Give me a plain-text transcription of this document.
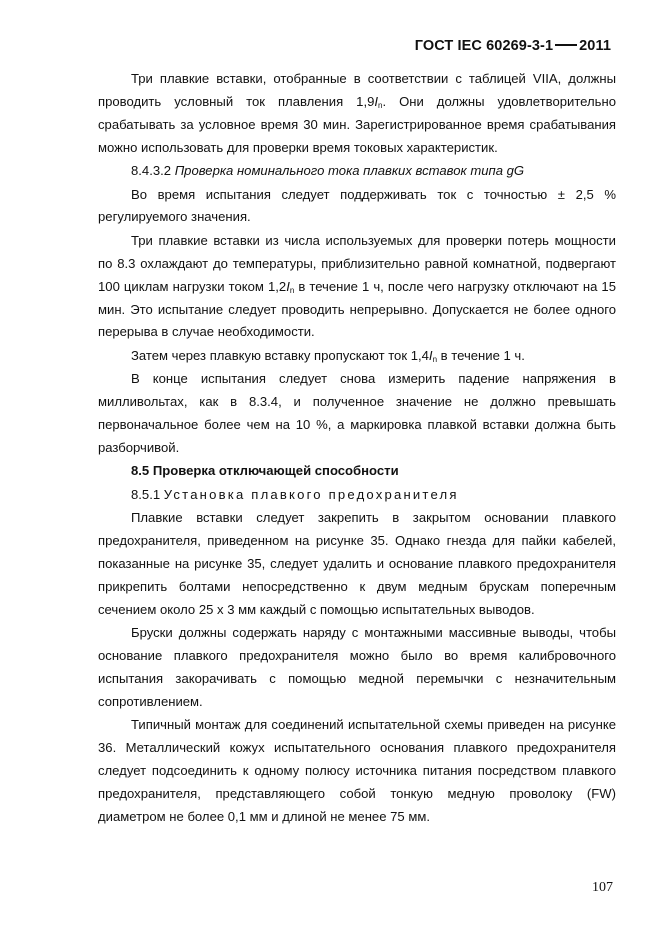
ГОСТ IEC 60269-3-1 2011

Три плавкие вставки, отобранные в соответствии с таблицей VIIA, должны проводить условный ток плавления $1,9I_n$. Они должны удовлетворительно срабатывать за условное время 30 мин. Зарегистрированное время срабатывания можно использовать для проверки время токовых характеристик.

8.4.3.2 Проверка номинального тока плавких вставок типа gG

Во время испытания следует поддерживать ток с точностью ± 2,5 % регулируемого значения.

Три плавкие вставки из числа используемых для проверки потерь мощности по 8.3 охлаждают до температуры, приблизительно равной комнатной, подвергают 100 циклам нагрузки током $1,2I_n$ в течение 1 ч, после чего нагрузку отключают на 15 мин. Это испытание следует проводить непрерывно. Допускается не более одного перерыва в случае необходимости.

Затем через плавкую вставку пропускают ток $1,4I_n$ в течение 1 ч.

В конце испытания следует снова измерить падение напряжения в милливольтах, как в 8.3.4, и полученное значение не должно превышать первоначальное более чем на 10 %, а маркировка плавкой вставки должна быть разборчивой.

8.5 Проверка отключающей способности

8.5.1 Установка плавкого предохранителя

Плавкие вставки следует закрепить в закрытом основании плавкого предохранителя, приведенном на рисунке 35. Однако гнезда для пайки кабелей, показанные на рисунке 35, следует удалить и основание плавкого предохранителя прикрепить болтами непосредственно к двум медным брускам поперечным сечением около 25 х 3 мм каждый с помощью испытательных выводов.

Бруски должны содержать наряду с монтажными массивные выводы, чтобы основание плавкого предохранителя можно было во время калибровочного испытания закорачивать с помощью медной перемычки с незначительным сопротивлением.

Типичный монтаж для соединений испытательной схемы приведен на рисунке 36. Металлический кожух испытательного основания плавкого предохранителя следует подсоединить к одному полюсу источника питания посредством плавкого предохранителя, представляющего собой тонкую медную проволоку (FW) диаметром не более 0,1 мм и длиной не менее 75 мм.

107
